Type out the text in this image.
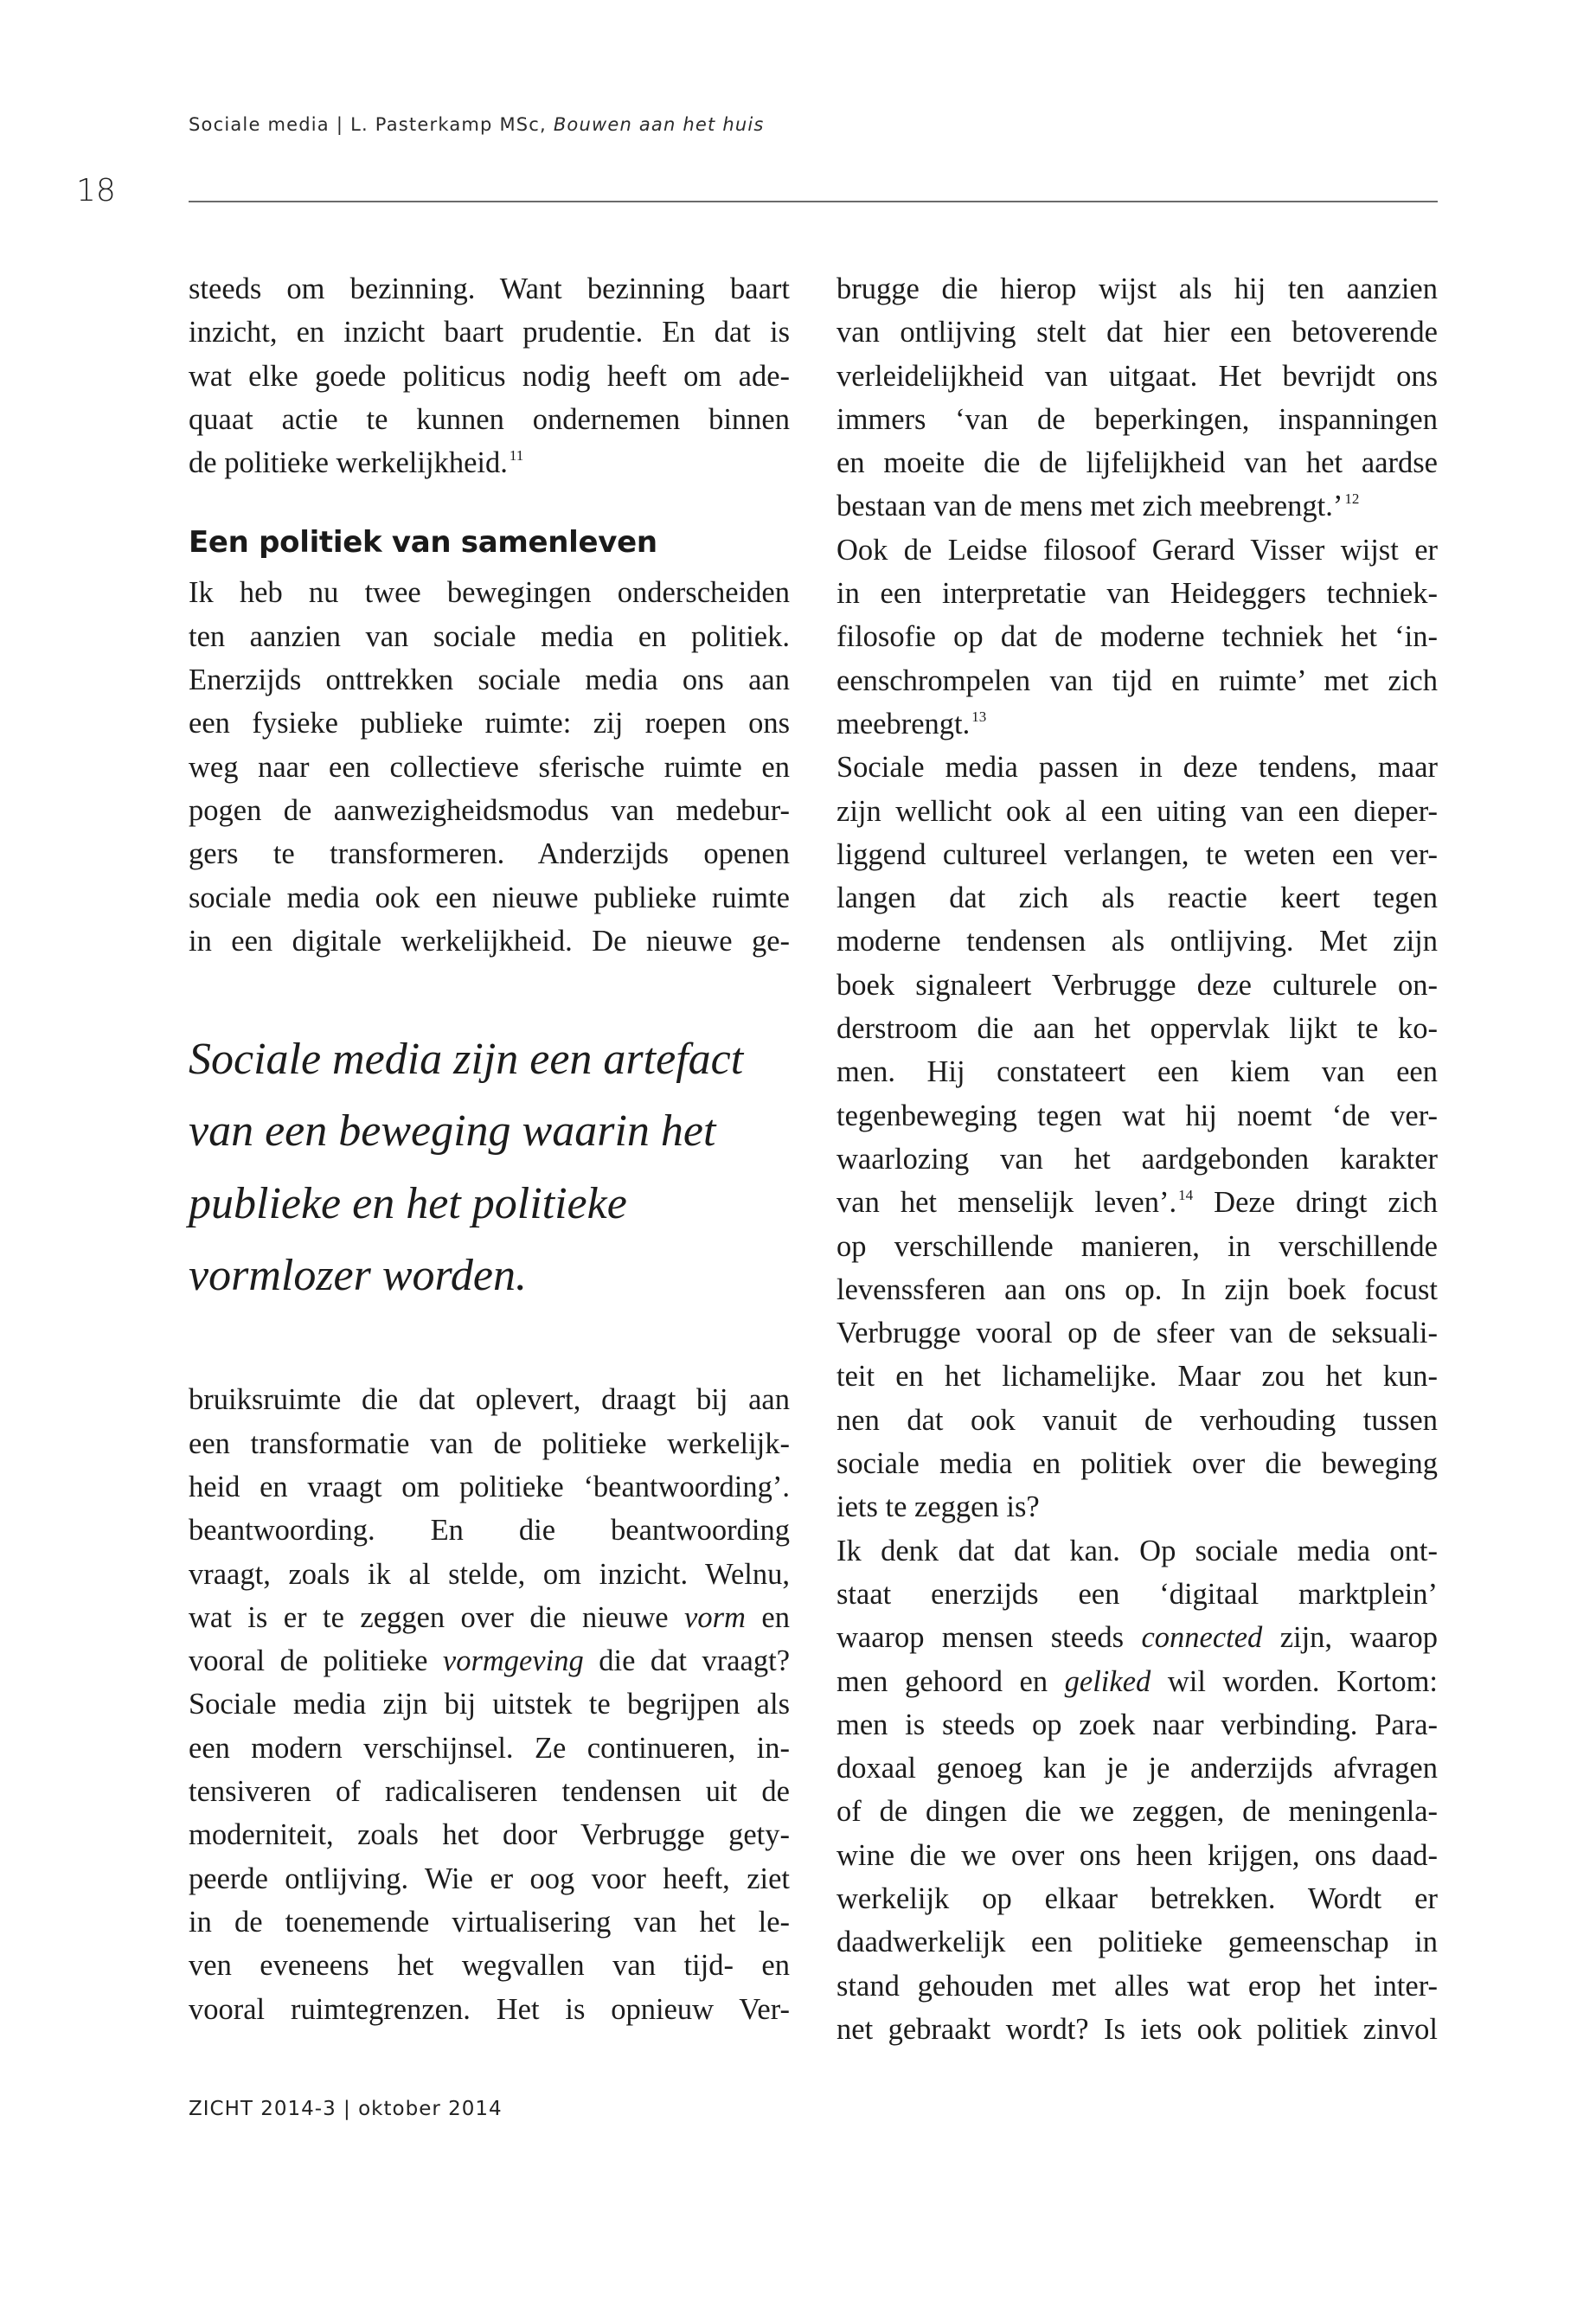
Sociale media | L. Pasterkamp MSc, Bouwen aan het huis
18
steeds om bezinning. Want bezinning baart
inzicht, en inzicht baart prudentie. En dat is
wat elke goede politicus nodig heeft om ade-
quaat actie te kunnen ondernemen binnen
de politieke werkelijkheid. $^{11}$
Een politiek van samenleven
Ik heb nu twee bewegingen onderscheiden
ten aanzien van sociale media en politiek.
Enerzijds onttrekken sociale media ons aan
een fysieke publieke ruimte: zij roepen ons
weg naar een collectieve sferische ruimte en
pogen de aanwezigheidsmodus van medebur-
gers te transformeren. Anderzijds openen
sociale media ook een nieuwe publieke ruimte
in een digitale werkelijkheid. De nieuwe ge-
Sociale media zijn een artefact
van een beweging waarin het
publieke en het politieke
vormlozer worden.
bruiksruimte die dat oplevert, draagt bij aan
een transformatie van de politieke werkelijk-
heid en vraagt om politieke ‘beantwoording’.
beantwoording. En die beantwoording
vraagt, zoals ik al stelde, om inzicht. Welnu,
wat is er te zeggen over die nieuwe vorm en
vooral de politieke vormgeving die dat vraagt?
Sociale media zijn bij uitstek te begrijpen als
een modern verschijnsel. Ze continueren, in-
tensiveren of radicaliseren tendensen uit de
moderniteit, zoals het door Verbrugge gety-
peerde ontlijving. Wie er oog voor heeft, ziet
in de toenemende virtualisering van het le-
ven eveneens het wegvallen van tijd- en
vooral ruimtegrenzen. Het is opnieuw Ver-
brugge die hierop wijst als hij ten aanzien
van ontlijving stelt dat hier een betoverende
verleidelijkheid van uitgaat. Het bevrijdt ons
immers ‘van de beperkingen, inspanningen
en moeite die de lijfelijkheid van het aardse
bestaan van de mens met zich meebrengt.’ $^{12}$
Ook de Leidse filosoof Gerard Visser wijst er
in een interpretatie van Heideggers techniek-
filosofie op dat de moderne techniek het ‘in-
eenschrompelen van tijd en ruimte’ met zich
meebrengt. $^{13}$
Sociale media passen in deze tendens, maar
zijn wellicht ook al een uiting van een dieper-
liggend cultureel verlangen, te weten een ver-
langen dat zich als reactie keert tegen
moderne tendensen als ontlijving. Met zijn
boek signaleert Verbrugge deze culturele on-
derstroom die aan het oppervlak lijkt te ko-
men. Hij constateert een kiem van een
tegenbeweging tegen wat hij noemt ‘de ver-
waarlozing van het aardgebonden karakter
van het menselijk leven’. $^{14}$ Deze dringt zich
op verschillende manieren, in verschillende
levenssferen aan ons op. In zijn boek focust
Verbrugge vooral op de sfeer van de seksuali-
teit en het lichamelijke. Maar zou het kun-
nen dat ook vanuit de verhouding tussen
sociale media en politiek over die beweging
iets te zeggen is?
Ik denk dat dat kan. Op sociale media ont-
staat enerzijds een ‘digitaal marktplein’
waarop mensen steeds connected zijn, waarop
men gehoord en geliked wil worden. Kortom:
men is steeds op zoek naar verbinding. Para-
doxaal genoeg kan je je anderzijds afvragen
of de dingen die we zeggen, de meningenla-
wine die we over ons heen krijgen, ons daad-
werkelijk op elkaar betrekken. Wordt er
daadwerkelijk een politieke gemeenschap in
stand gehouden met alles wat erop het inter-
net gebraakt wordt? Is iets ook politiek zinvol
ZICHT 2014-3 | oktober 2014
